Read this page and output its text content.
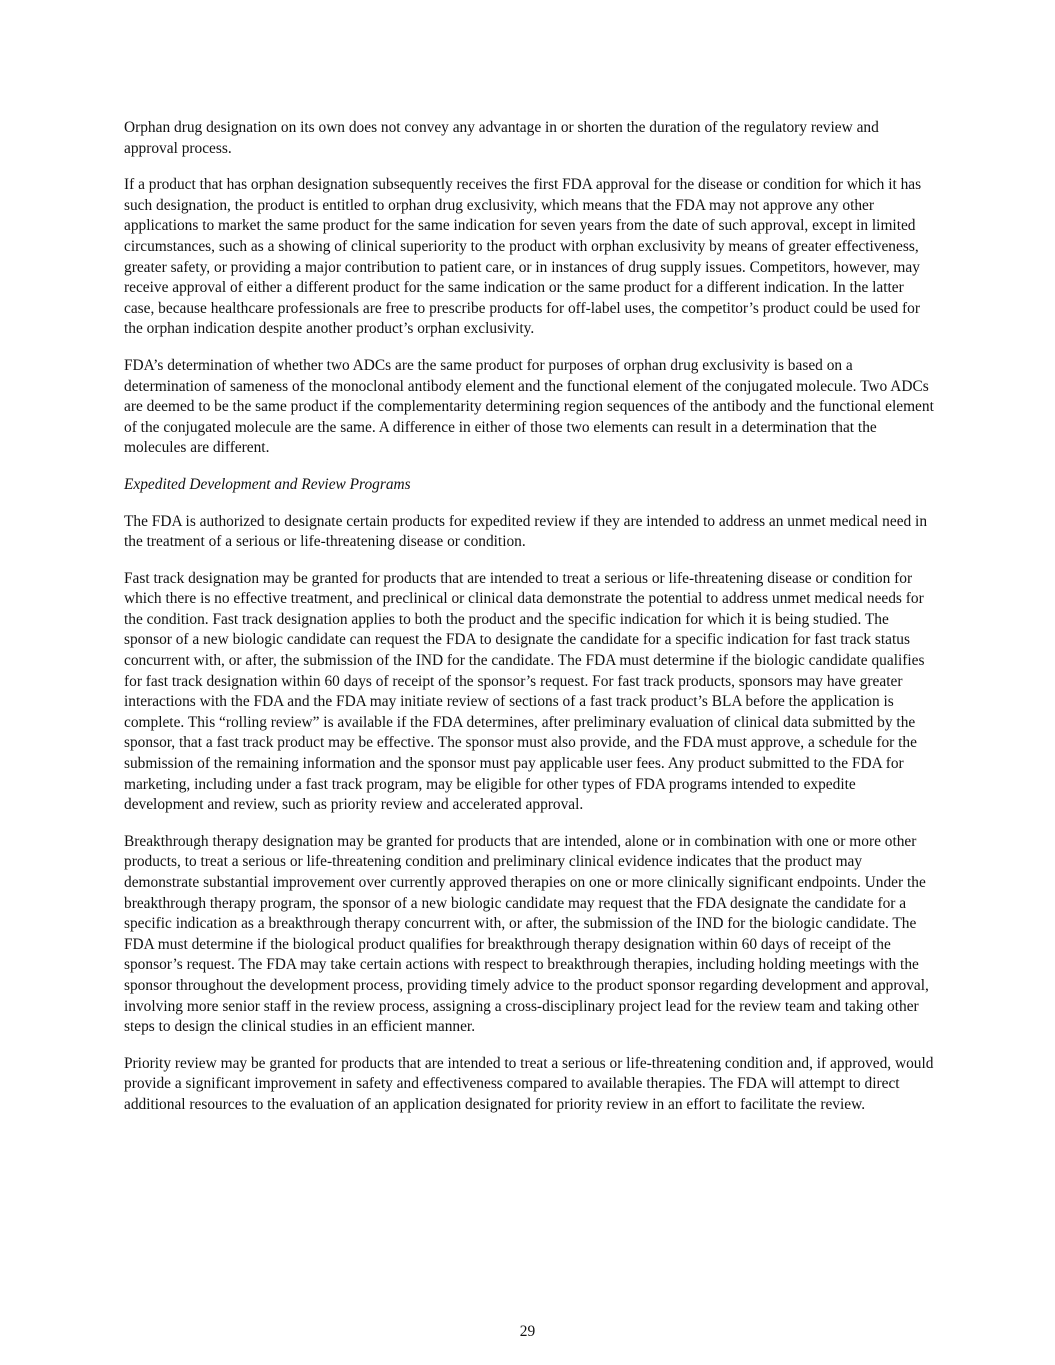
Orphan drug designation on its own does not convey any advantage in or shorten the duration of the regulatory review and approval process.

If a product that has orphan designation subsequently receives the first FDA approval for the disease or condition for which it has such designation, the product is entitled to orphan drug exclusivity, which means that the FDA may not approve any other applications to market the same product for the same indication for seven years from the date of such approval, except in limited circumstances, such as a showing of clinical superiority to the product with orphan exclusivity by means of greater effectiveness, greater safety, or providing a major contribution to patient care, or in instances of drug supply issues. Competitors, however, may receive approval of either a different product for the same indication or the same product for a different indication. In the latter case, because healthcare professionals are free to prescribe products for off-label uses, the competitor’s product could be used for the orphan indication despite another product’s orphan exclusivity.

FDA’s determination of whether two ADCs are the same product for purposes of orphan drug exclusivity is based on a determination of sameness of the monoclonal antibody element and the functional element of the conjugated molecule. Two ADCs are deemed to be the same product if the complementarity determining region sequences of the antibody and the functional element of the conjugated molecule are the same. A difference in either of those two elements can result in a determination that the molecules are different.

Expedited Development and Review Programs

The FDA is authorized to designate certain products for expedited review if they are intended to address an unmet medical need in the treatment of a serious or life-threatening disease or condition.

Fast track designation may be granted for products that are intended to treat a serious or life-threatening disease or condition for which there is no effective treatment, and preclinical or clinical data demonstrate the potential to address unmet medical needs for the condition. Fast track designation applies to both the product and the specific indication for which it is being studied. The sponsor of a new biologic candidate can request the FDA to designate the candidate for a specific indication for fast track status concurrent with, or after, the submission of the IND for the candidate. The FDA must determine if the biologic candidate qualifies for fast track designation within 60 days of receipt of the sponsor’s request. For fast track products, sponsors may have greater interactions with the FDA and the FDA may initiate review of sections of a fast track product’s BLA before the application is complete. This “rolling review” is available if the FDA determines, after preliminary evaluation of clinical data submitted by the sponsor, that a fast track product may be effective. The sponsor must also provide, and the FDA must approve, a schedule for the submission of the remaining information and the sponsor must pay applicable user fees. Any product submitted to the FDA for marketing, including under a fast track program, may be eligible for other types of FDA programs intended to expedite development and review, such as priority review and accelerated approval.

Breakthrough therapy designation may be granted for products that are intended, alone or in combination with one or more other products, to treat a serious or life-threatening condition and preliminary clinical evidence indicates that the product may demonstrate substantial improvement over currently approved therapies on one or more clinically significant endpoints. Under the breakthrough therapy program, the sponsor of a new biologic candidate may request that the FDA designate the candidate for a specific indication as a breakthrough therapy concurrent with, or after, the submission of the IND for the biologic candidate. The FDA must determine if the biological product qualifies for breakthrough therapy designation within 60 days of receipt of the sponsor’s request. The FDA may take certain actions with respect to breakthrough therapies, including holding meetings with the sponsor throughout the development process, providing timely advice to the product sponsor regarding development and approval, involving more senior staff in the review process, assigning a cross-disciplinary project lead for the review team and taking other steps to design the clinical studies in an efficient manner.

Priority review may be granted for products that are intended to treat a serious or life-threatening condition and, if approved, would provide a significant improvement in safety and effectiveness compared to available therapies. The FDA will attempt to direct additional resources to the evaluation of an application designated for priority review in an effort to facilitate the review.

29
